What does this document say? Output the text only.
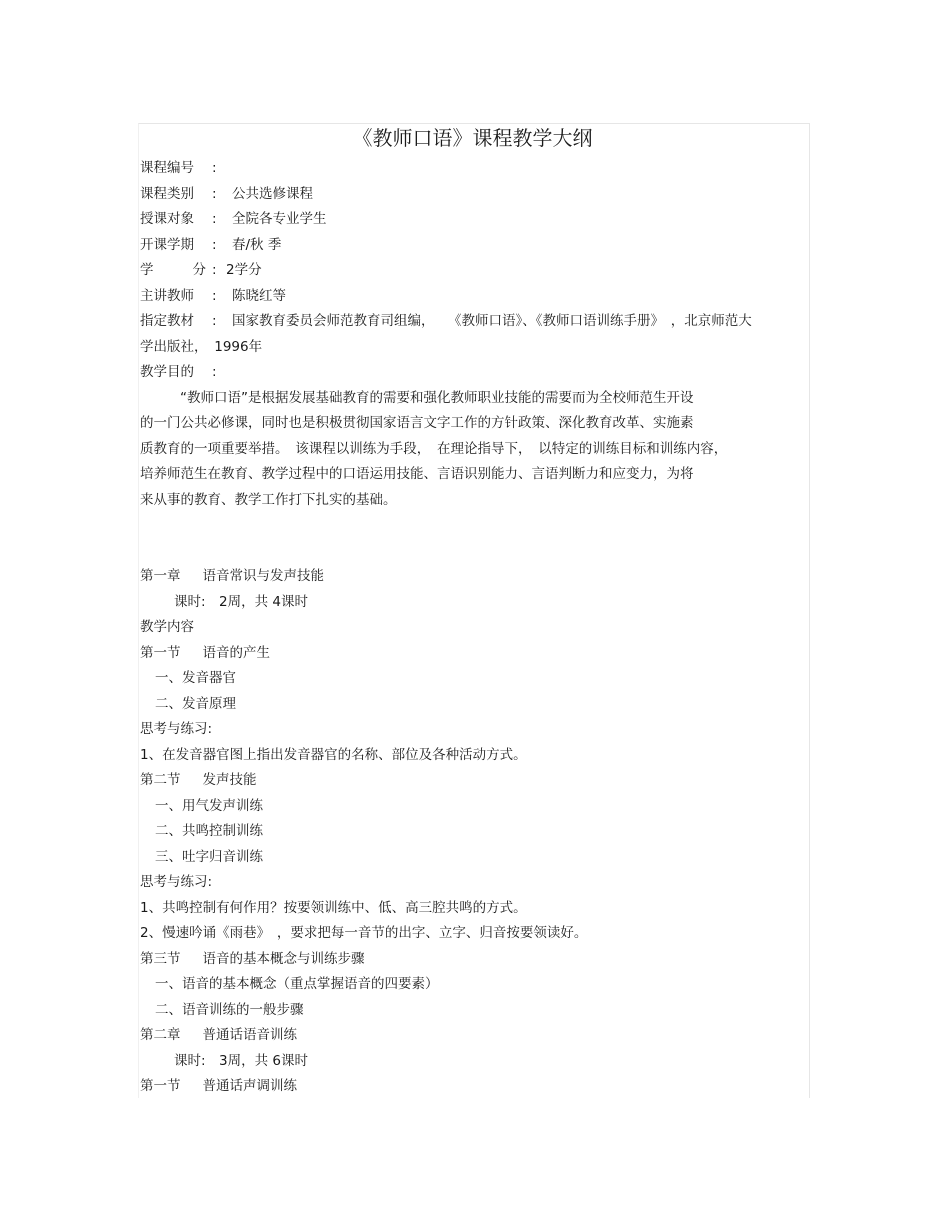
《教师口语》课程教学大纲
课程编号	:
课程类别	:	公共选修课程
授课对象	:	全院各专业学生
开课学期	:	春/秋 季
学	分 : 2学分
主讲教师	:	陈晓红等
指定教材	:	国家教育委员会师范教育司组编，　　《教师口语》、《教师口语训练手册》　，北京师范大
学出版社，　1996年
教学目的	:
“教师口语”是根据发展基础教育的需要和强化教师职业技能的需要而为全校师范生开设
的一门公共必修课，同时也是积极贯彻国家语言文字工作的方针政策、深化教育改革、实施素
质教育的一项重要举措。　该课程以训练为手段，　在理论指导下，　以特定的训练目标和训练内容，
培养师范生在教育、教学过程中的口语运用技能、言语识别能力、言语判断力和应变力，为将
来从事的教育、教学工作打下扎实的基础。
第一章 语音常识与发声技能
课时:　2周，共 4课时
教学内容
第一节 语音的产生
一、发音器官
二、发音原理
思考与练习:
1、在发音器官图上指出发音器官的名称、部位及各种活动方式。
第二节 发声技能
一、用气发声训练
二、共鸣控制训练
三、吐字归音训练
思考与练习:
1、共鸣控制有何作用？按要领训练中、低、高三腔共鸣的方式。
2、慢速吟诵《雨巷》　，要求把每一音节的出字、立字、归音按要领读好。
第三节 语音的基本概念与训练步骤
一、语音的基本概念（重点掌握语音的四要素）
二、语音训练的一般步骤
第二章 普通话语音训练
课时:　3周，共 6课时
第一节 普通话声调训练
